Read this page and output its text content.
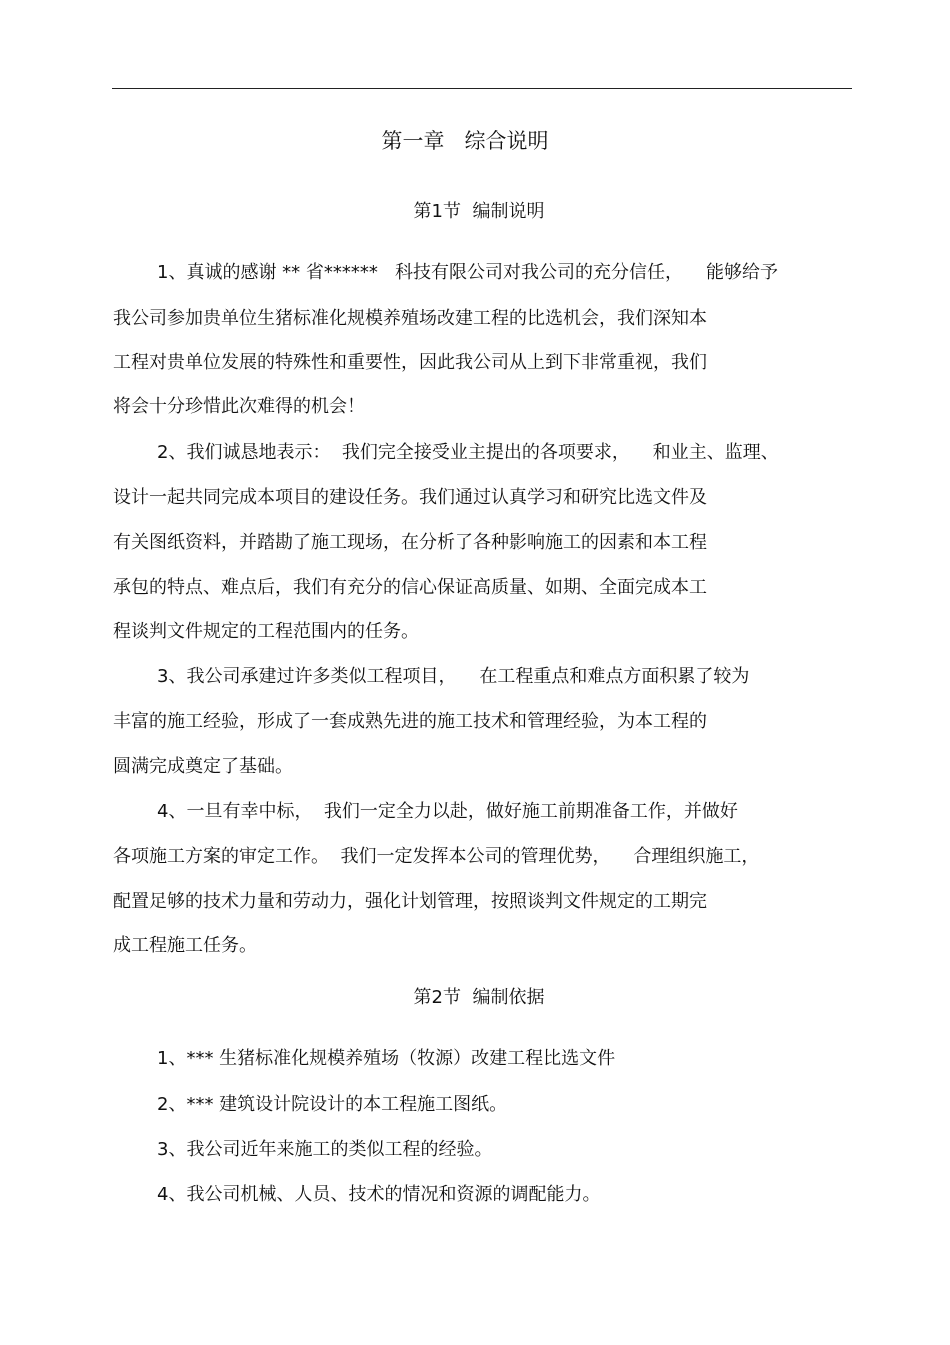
第一章   综合说明
第1节  编制说明
1、真诚的感谢 ** 省******   科技有限公司对我公司的充分信任，    能够给予
我公司参加贵单位生猪标准化规模养殖场改建工程的比选机会，我们深知本
工程对贵单位发展的特殊性和重要性，因此我公司从上到下非常重视，我们
将会十分珍惜此次难得的机会！
2、我们诚恳地表示：  我们完全接受业主提出的各项要求，    和业主、监理、
设计一起共同完成本项目的建设任务。我们通过认真学习和研究比选文件及
有关图纸资料，并踏勘了施工现场，在分析了各种影响施工的因素和本工程
承包的特点、难点后，我们有充分的信心保证高质量、如期、全面完成本工
程谈判文件规定的工程范围内的任务。
3、我公司承建过许多类似工程项目，    在工程重点和难点方面积累了较为
丰富的施工经验，形成了一套成熟先进的施工技术和管理经验，为本工程的
圆满完成奠定了基础。
4、一旦有幸中标，  我们一定全力以赴，做好施工前期准备工作，并做好
各项施工方案的审定工作。  我们一定发挥本公司的管理优势，    合理组织施工，
配置足够的技术力量和劳动力，强化计划管理，按照谈判文件规定的工期完
成工程施工任务。
第2节  编制依据
1、*** 生猪标准化规模养殖场（牧源）改建工程比选文件
2、*** 建筑设计院设计的本工程施工图纸。
3、我公司近年来施工的类似工程的经验。
4、我公司机械、人员、技术的情况和资源的调配能力。
